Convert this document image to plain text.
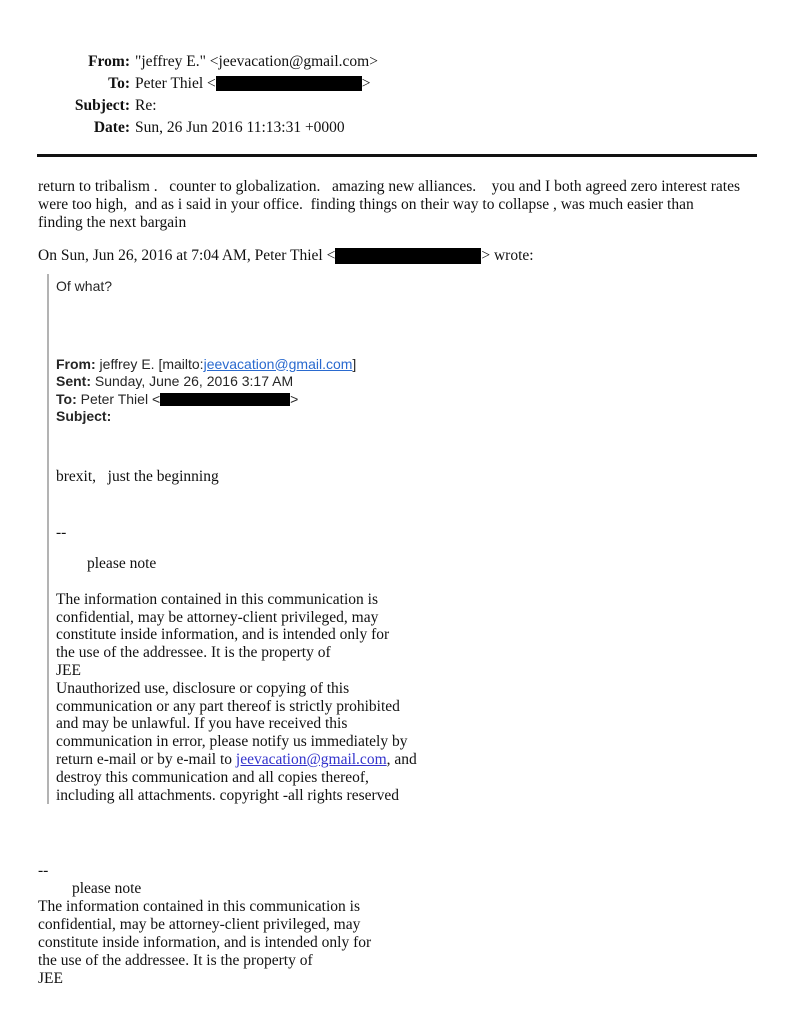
From: "jeffrey E." <jeevacation@gmail.com>
To: Peter Thiel <	>
Subject: Re:
Date: Sun, 26 Jun 2016 11:13:31 +0000
return to tribalism .   counter to globalization.   amazing new alliances.    you and I both agreed zero interest rates
were too high,  and as i said in your office.  finding things on their way to collapse , was much easier than
finding the next bargain
On Sun, Jun 26, 2016 at 7:04 AM, Peter Thiel <	> wrote:
Of what?
From: jeffrey E. [mailto:jeevacation@gmail.com]
Sent: Sunday, June 26, 2016 3:17 AM
To: Peter Thiel <	>
Subject:
brexit,   just the beginning
--
please note
The information contained in this communication is
confidential, may be attorney-client privileged, may
constitute inside information, and is intended only for
the use of the addressee. It is the property of
JEE
Unauthorized use, disclosure or copying of this
communication or any part thereof is strictly prohibited
and may be unlawful. If you have received this
communication in error, please notify us immediately by
return e-mail or by e-mail to jeevacation@gmail.com, and
destroy this communication and all copies thereof,
including all attachments. copyright -all rights reserved
--
please note
The information contained in this communication is
confidential, may be attorney-client privileged, may
constitute inside information, and is intended only for
the use of the addressee. It is the property of
JEE
